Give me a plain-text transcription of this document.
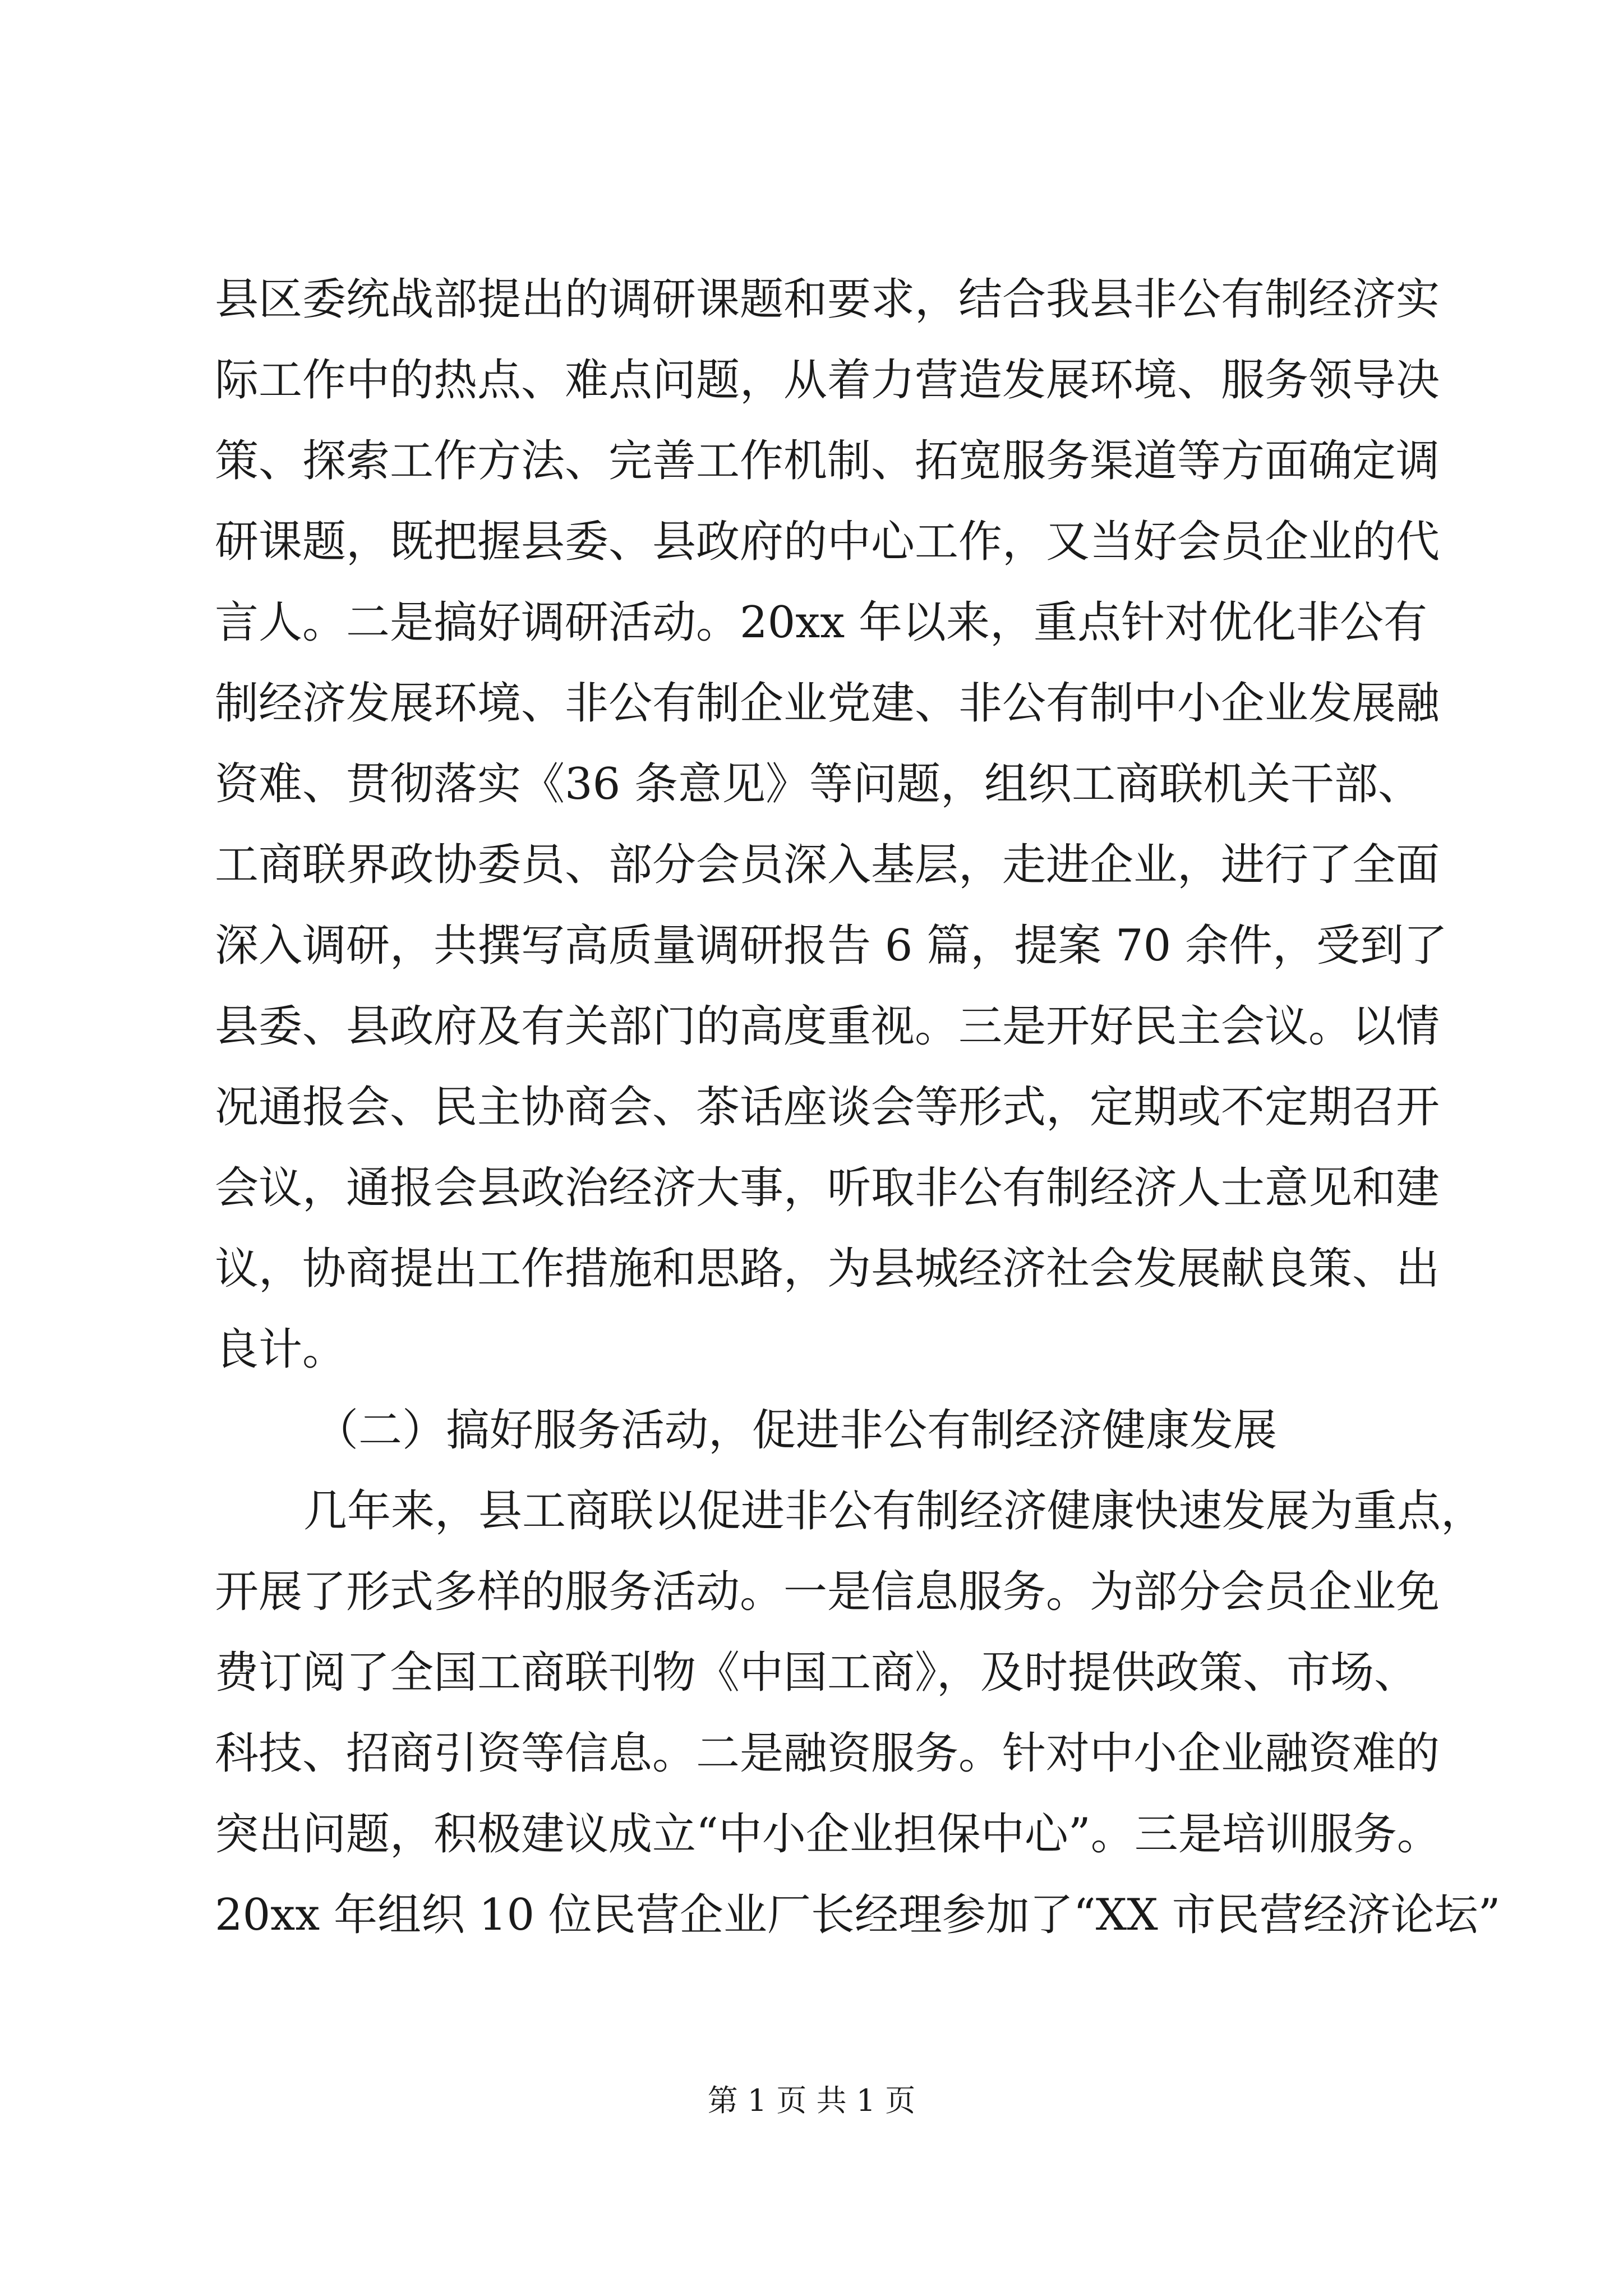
县区委统战部提出的调研课题和要求，结合我县非公有制经济实
际工作中的热点、难点问题，从着力营造发展环境、服务领导决
策、探索工作方法、完善工作机制、拓宽服务渠道等方面确定调
研课题，既把握县委、县政府的中心工作，又当好会员企业的代
言人。二是搞好调研活动。20xx 年以来，重点针对优化非公有
制经济发展环境、非公有制企业党建、非公有制中小企业发展融
资难、贯彻落实《36 条意见》等问题，组织工商联机关干部、
工商联界政协委员、部分会员深入基层，走进企业，进行了全面
深入调研，共撰写高质量调研报告 6 篇，提案 70 余件，受到了
县委、县政府及有关部门的高度重视。三是开好民主会议。以情
况通报会、民主协商会、茶话座谈会等形式，定期或不定期召开
会议，通报会县政治经济大事，听取非公有制经济人士意见和建
议，协商提出工作措施和思路，为县城经济社会发展献良策、出
良计。
（二）搞好服务活动，促进非公有制经济健康发展
几年来，县工商联以促进非公有制经济健康快速发展为重点，
开展了形式多样的服务活动。一是信息服务。为部分会员企业免
费订阅了全国工商联刊物《中国工商》，及时提供政策、市场、
科技、招商引资等信息。二是融资服务。针对中小企业融资难的
突出问题，积极建议成立“中小企业担保中心”。三是培训服务。
20xx 年组织 10 位民营企业厂长经理参加了“XX 市民营经济论坛”
第 1 页 共 1 页
